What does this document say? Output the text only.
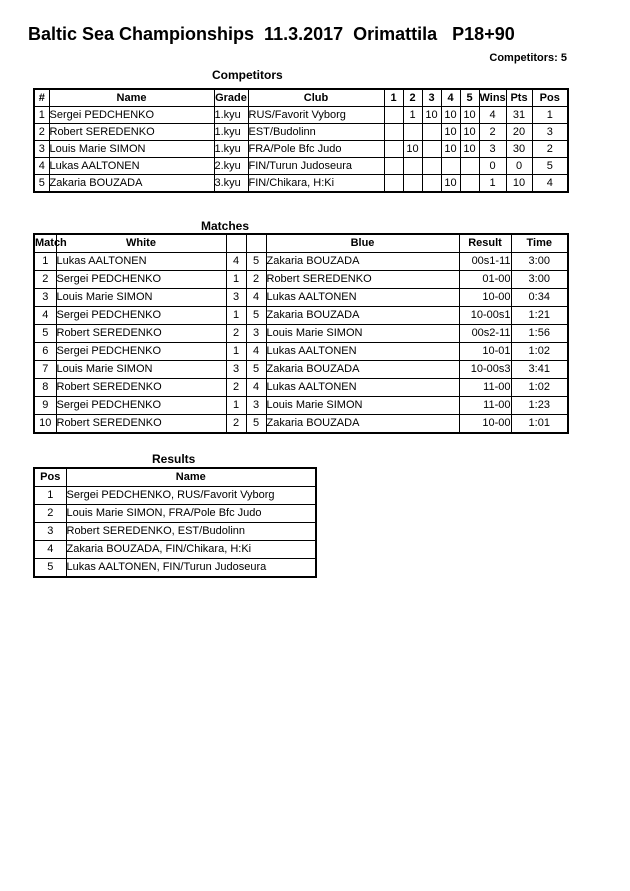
Baltic Sea Championships  11.3.2017  Orimattila   P18+90
Competitors: 5
Competitors
#	Name	Grade	Club	1	2	3	4	5	Wins	Pts	Pos
1	Sergei PEDCHENKO	1.kyu	RUS/Favorit Vyborg		1	10	10	10	4	31	1
2	Robert SEREDENKO	1.kyu	EST/Budolinn				10	10	2	20	3
3	Louis Marie SIMON	1.kyu	FRA/Pole Bfc Judo		10		10	10	3	30	2
4	Lukas AALTONEN	2.kyu	FIN/Turun Judoseura						0	0	5
5	Zakaria BOUZADA	3.kyu	FIN/Chikara, H:Ki				10		1	10	4
Matches
Match	White			Blue	Result	Time
1	Lukas AALTONEN	4	5	Zakaria BOUZADA	00s1-11	3:00
2	Sergei PEDCHENKO	1	2	Robert SEREDENKO	01-00	3:00
3	Louis Marie SIMON	3	4	Lukas AALTONEN	10-00	0:34
4	Sergei PEDCHENKO	1	5	Zakaria BOUZADA	10-00s1	1:21
5	Robert SEREDENKO	2	3	Louis Marie SIMON	00s2-11	1:56
6	Sergei PEDCHENKO	1	4	Lukas AALTONEN	10-01	1:02
7	Louis Marie SIMON	3	5	Zakaria BOUZADA	10-00s3	3:41
8	Robert SEREDENKO	2	4	Lukas AALTONEN	11-00	1:02
9	Sergei PEDCHENKO	1	3	Louis Marie SIMON	11-00	1:23
10	Robert SEREDENKO	2	5	Zakaria BOUZADA	10-00	1:01
Results
Pos	Name
1	Sergei PEDCHENKO, RUS/Favorit Vyborg
2	Louis Marie SIMON, FRA/Pole Bfc Judo
3	Robert SEREDENKO, EST/Budolinn
4	Zakaria BOUZADA, FIN/Chikara, H:Ki
5	Lukas AALTONEN, FIN/Turun Judoseura
